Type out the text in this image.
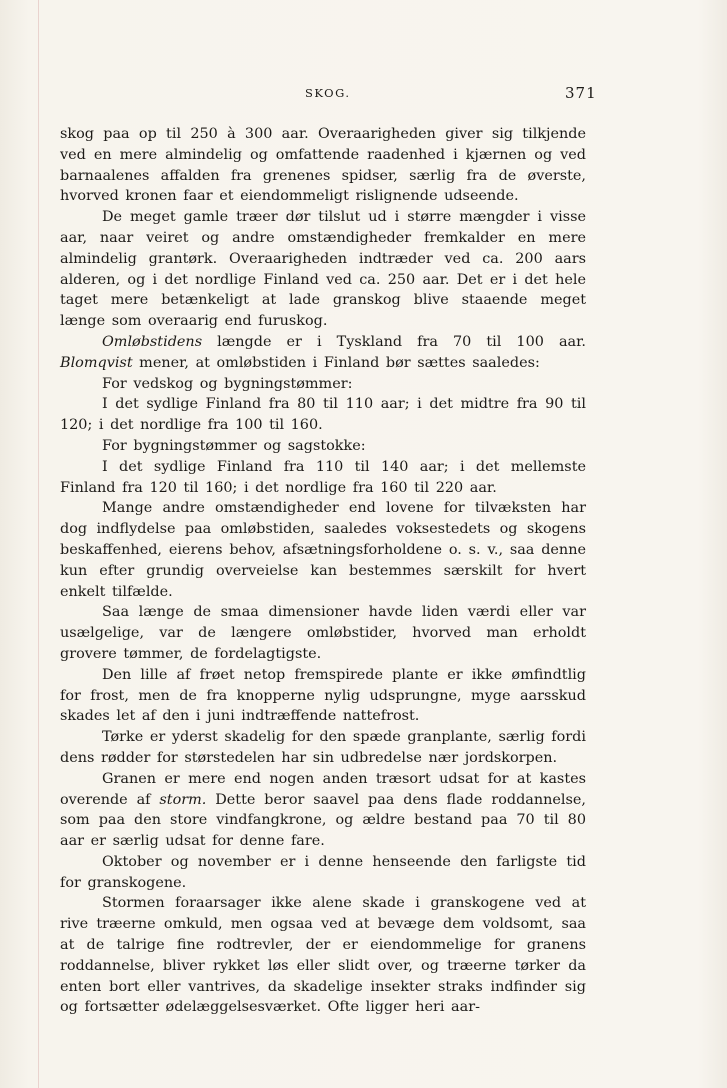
SKOG.	371

skog paa op til 250 à 300 aar. Overaarigheden giver sig tilkjende ved en mere almindelig og omfattende raadenhed i kjærnen og ved barnaalenes affalden fra grenenes spidser, særlig fra de øverste, hvorved kronen faar et eiendommeligt rislignende udseende.

De meget gamle træer dør tilslut ud i større mængder i visse aar, naar veiret og andre omstændigheder fremkalder en mere almindelig grantørk. Overaarigheden indtræder ved ca. 200 aars alderen, og i det nordlige Finland ved ca. 250 aar. Det er i det hele taget mere betænkeligt at lade granskog blive staaende meget længe som overaarig end furuskog.

Omløbstidens længde er i Tyskland fra 70 til 100 aar. Blomqvist mener, at omløbstiden i Finland bør sættes saaledes:

For vedskog og bygningstømmer:

I det sydlige Finland fra 80 til 110 aar; i det midtre fra 90 til 120; i det nordlige fra 100 til 160.

For bygningstømmer og sagstokke:

I det sydlige Finland fra 110 til 140 aar; i det mellemste Finland fra 120 til 160; i det nordlige fra 160 til 220 aar.

Mange andre omstændigheder end lovene for tilvæksten har dog indflydelse paa omløbstiden, saaledes voksestedets og skogens beskaffenhed, eierens behov, afsætningsforholdene o. s. v., saa denne kun efter grundig overveielse kan bestemmes særskilt for hvert enkelt tilfælde.

Saa længe de smaa dimensioner havde liden værdi eller var usælgelige, var de længere omløbstider, hvorved man erholdt grovere tømmer, de fordelagtigste.

Den lille af frøet netop fremspirede plante er ikke ømfindtlig for frost, men de fra knopperne nylig udsprungne, myge aarsskud skades let af den i juni indtræffende nattefrost.

Tørke er yderst skadelig for den spæde granplante, særlig fordi dens rødder for størstedelen har sin udbredelse nær jordskorpen.

Granen er mere end nogen anden træsort udsat for at kastes overende af storm. Dette beror saavel paa dens flade roddannelse, som paa den store vindfangkrone, og ældre bestand paa 70 til 80 aar er særlig udsat for denne fare.

Oktober og november er i denne henseende den farligste tid for granskogene.

Stormen foraarsager ikke alene skade i granskogene ved at rive træerne omkuld, men ogsaa ved at bevæge dem voldsomt, saa at de talrige fine rodtrevler, der er eiendommelige for granens roddannelse, bliver rykket løs eller slidt over, og træerne tørker da enten bort eller vantrives, da skadelige insekter straks indfinder sig og fortsætter ødelæggelsesværket. Ofte ligger heri aar-
